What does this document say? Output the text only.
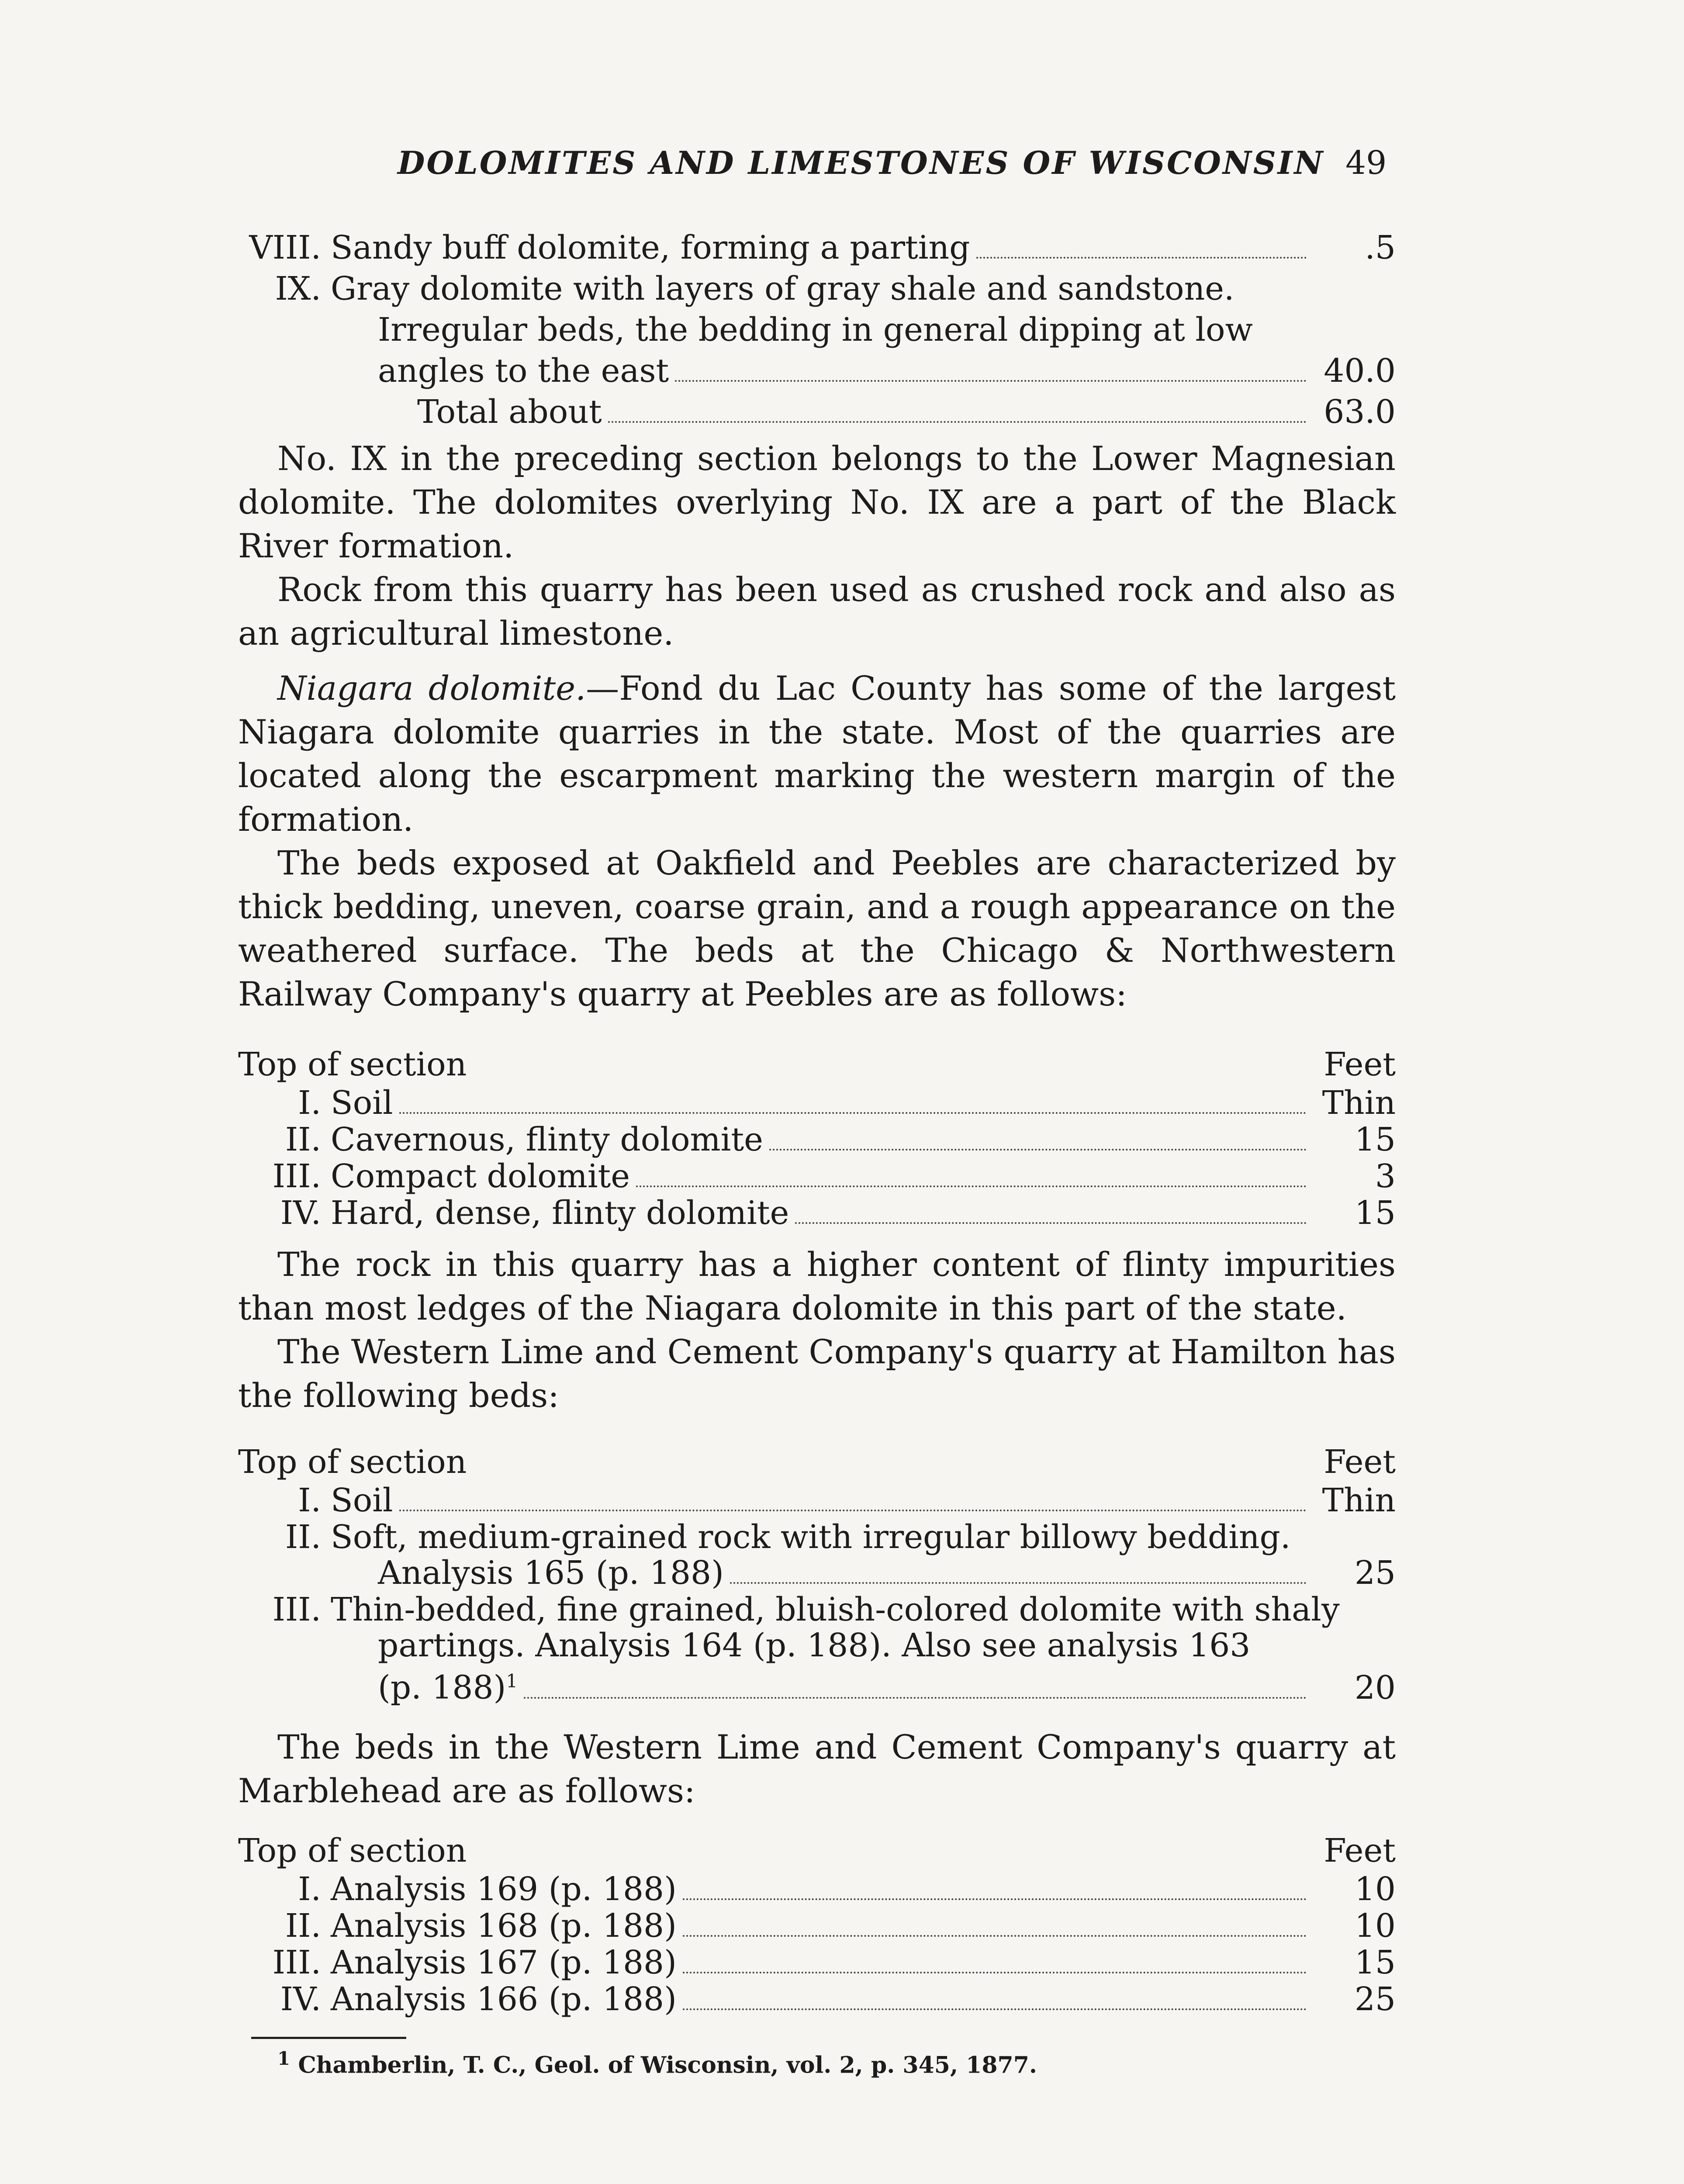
DOLOMITES AND LIMESTONES OF WISCONSIN 49
VIII. Sandy buff dolomite, forming a parting	.5
IX. Gray dolomite with layers of gray shale and sandstone.
Irregular beds, the bedding in general dipping at low
angles to the east	40.0
Total about	63.0

No. IX in the preceding section belongs to the Lower Magnesian dolomite. The dolomites overlying No. IX are a part of the Black River formation.

Rock from this quarry has been used as crushed rock and also as an agricultural limestone.

Niagara dolomite.—Fond du Lac County has some of the largest Niagara dolomite quarries in the state. Most of the quarries are located along the escarpment marking the western margin of the formation.

The beds exposed at Oakfield and Peebles are characterized by thick bedding, uneven, coarse grain, and a rough appearance on the weathered surface. The beds at the Chicago & Northwestern Railway Company's quarry at Peebles are as follows:

Top of section	Feet
I. Soil	Thin
II. Cavernous, flinty dolomite	15
III. Compact dolomite	3
IV. Hard, dense, flinty dolomite	15

The rock in this quarry has a higher content of flinty impurities than most ledges of the Niagara dolomite in this part of the state.

The Western Lime and Cement Company's quarry at Hamilton has the following beds:

Top of section	Feet
I. Soil	Thin
II. Soft, medium-grained rock with irregular billowy bedding.
Analysis 165 (p. 188)	25
III. Thin-bedded, fine grained, bluish-colored dolomite with shaly
partings. Analysis 164 (p. 188). Also see analysis 163
(p. 188)$^1$	20

The beds in the Western Lime and Cement Company's quarry at Marblehead are as follows:

Top of section	Feet
I. Analysis 169 (p. 188)	10
II. Analysis 168 (p. 188)	10
III. Analysis 167 (p. 188)	15
IV. Analysis 166 (p. 188)	25
$^1$ Chamberlin, T. C., Geol. of Wisconsin, vol. 2, p. 345, 1877.
